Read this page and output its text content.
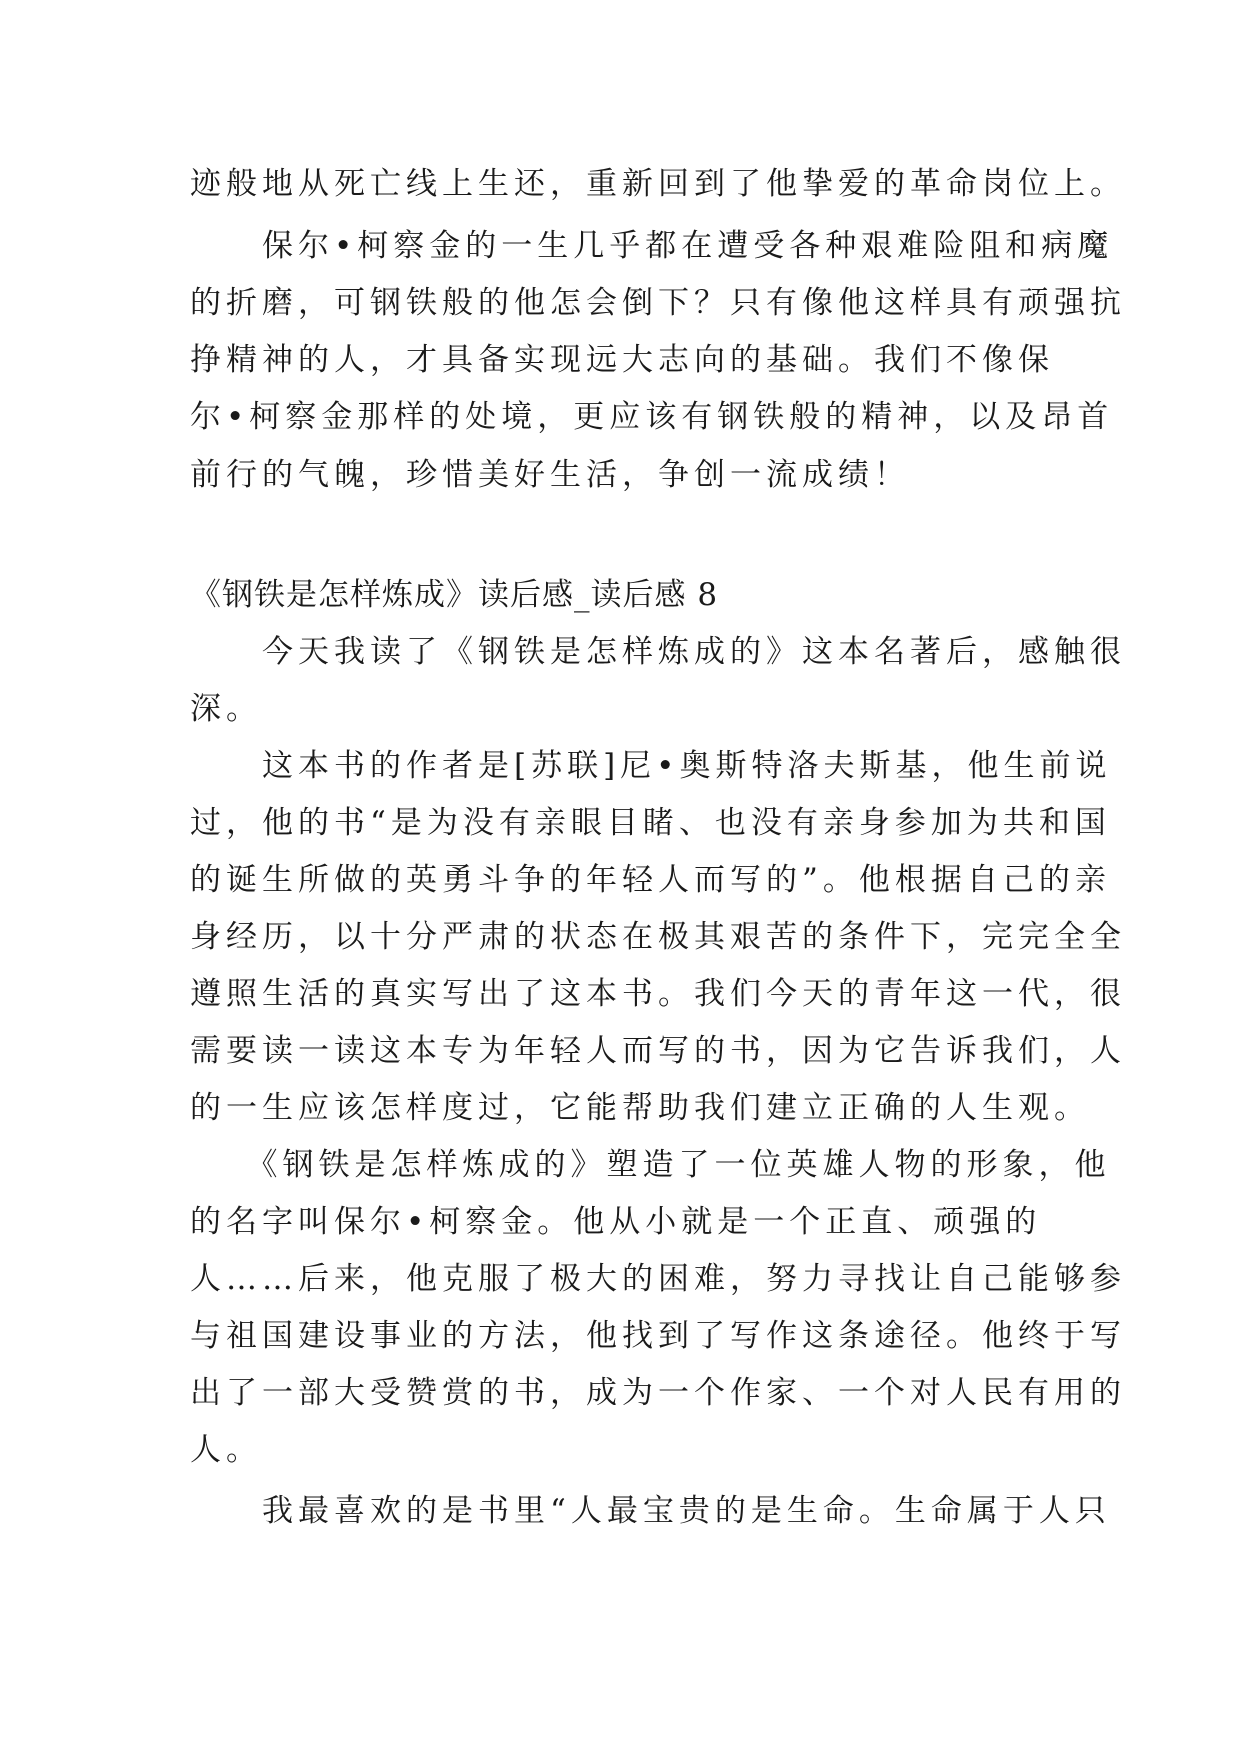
迹般地从死亡线上生还，重新回到了他挚爱的革命岗位上。
　　保尔•柯察金的一生几乎都在遭受各种艰难险阻和病魔
的折磨，可钢铁般的他怎会倒下？只有像他这样具有顽强抗
挣精神的人，才具备实现远大志向的基础。我们不像保
尔•柯察金那样的处境，更应该有钢铁般的精神，以及昂首
前行的气魄，珍惜美好生活，争创一流成绩！
《钢铁是怎样炼成》读后感_读后感 8
　　今天我读了《钢铁是怎样炼成的》这本名著后，感触很
深。
　　这本书的作者是[苏联]尼•奥斯特洛夫斯基，他生前说
过，他的书“是为没有亲眼目睹、也没有亲身参加为共和国
的诞生所做的英勇斗争的年轻人而写的”。他根据自己的亲
身经历，以十分严肃的状态在极其艰苦的条件下，完完全全
遵照生活的真实写出了这本书。我们今天的青年这一代，很
需要读一读这本专为年轻人而写的书，因为它告诉我们，人
的一生应该怎样度过，它能帮助我们建立正确的人生观。
　　《钢铁是怎样炼成的》塑造了一位英雄人物的形象，他
的名字叫保尔•柯察金。他从小就是一个正直、顽强的
人……后来，他克服了极大的困难，努力寻找让自己能够参
与祖国建设事业的方法，他找到了写作这条途径。他终于写
出了一部大受赞赏的书，成为一个作家、一个对人民有用的
人。
　　我最喜欢的是书里“人最宝贵的是生命。生命属于人只
